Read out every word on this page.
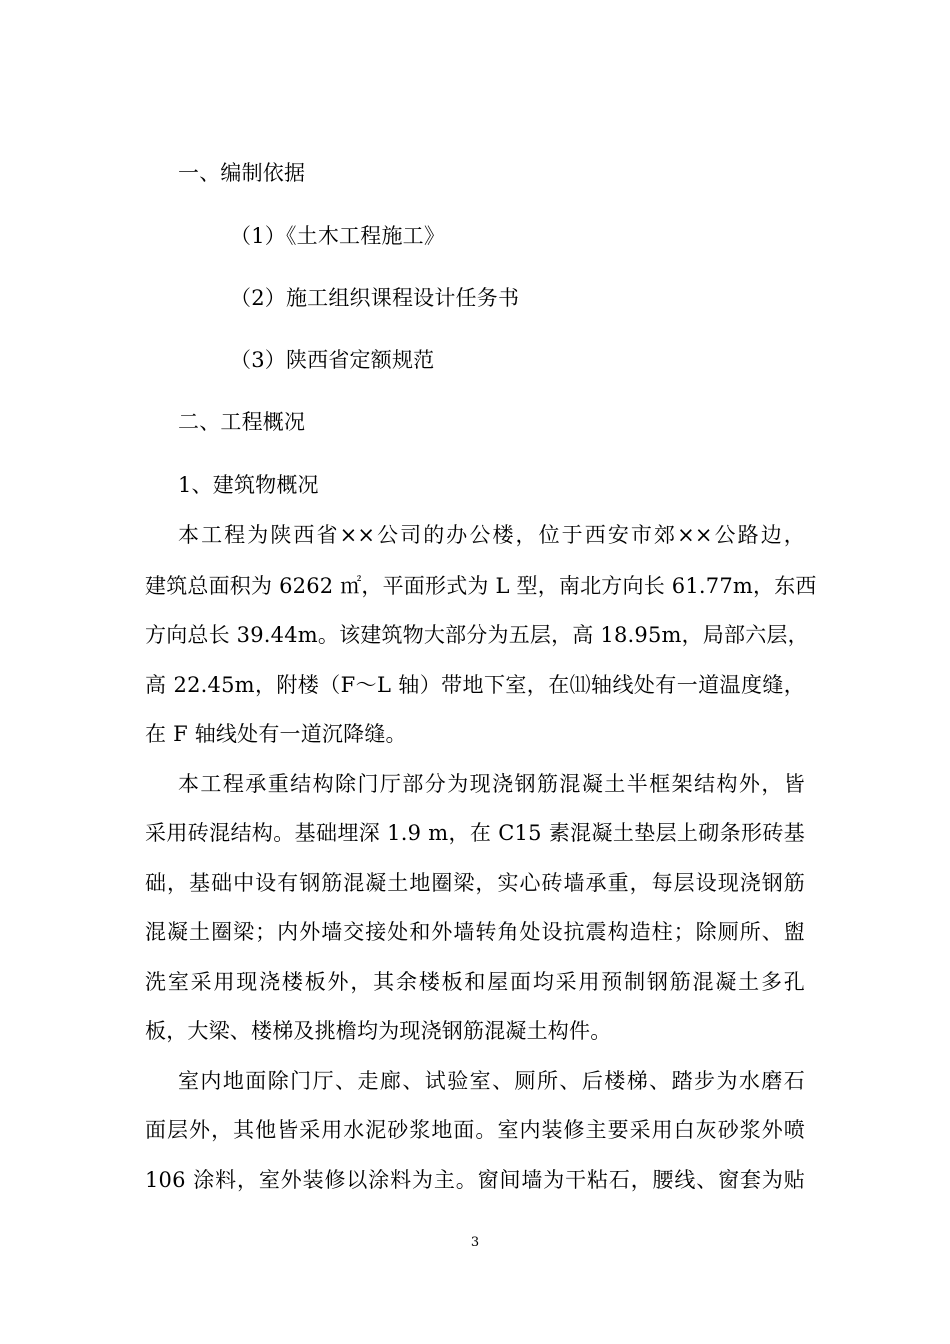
一、编制依据
（1）《土木工程施工》
（2）施工组织课程设计任务书
（3）陕西省定额规范
二、工程概况
1、建筑物概况
本工程为陕西省××公司的办公楼，位于西安市郊××公路边，
建筑总面积为 6262 ㎡，平面形式为 L 型，南北方向长 61.77m，东西
方向总长 39.44m。该建筑物大部分为五层，高 18.95m，局部六层，
高 22.45m，附楼（F～L 轴）带地下室，在⑾轴线处有一道温度缝，
在 F 轴线处有一道沉降缝。
本工程承重结构除门厅部分为现浇钢筋混凝土半框架结构外，皆
采用砖混结构。基础埋深 1.9 m，在 C15 素混凝土垫层上砌条形砖基
础，基础中设有钢筋混凝土地圈梁，实心砖墙承重，每层设现浇钢筋
混凝土圈梁；内外墙交接处和外墙转角处设抗震构造柱；除厕所、盥
洗室采用现浇楼板外，其余楼板和屋面均采用预制钢筋混凝土多孔
板，大梁、楼梯及挑檐均为现浇钢筋混凝土构件。
室内地面除门厅、走廊、试验室、厕所、后楼梯、踏步为水磨石
面层外，其他皆采用水泥砂浆地面。室内装修主要采用白灰砂浆外喷
106 涂料，室外装修以涂料为主。窗间墙为干粘石，腰线、窗套为贴
3
